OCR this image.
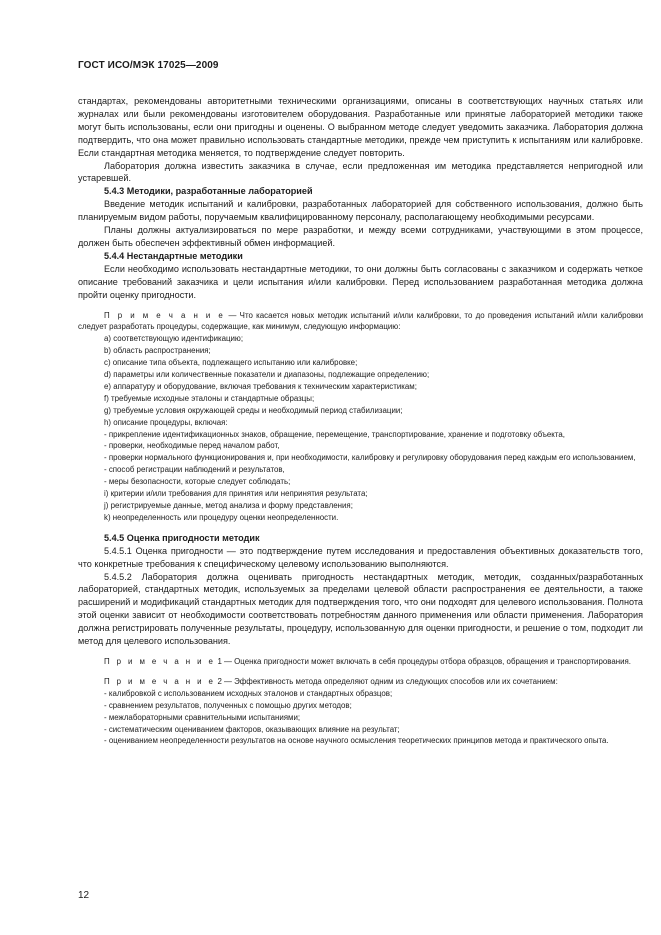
ГОСТ ИСО/МЭК 17025—2009

стандартах, рекомендованы авторитетными техническими организациями, описаны в соответствующих научных статьях или журналах или были рекомендованы изготовителем оборудования. Разработанные или принятые лабораторией методики также могут быть использованы, если они пригодны и оценены. О выбранном методе следует уведомить заказчика. Лаборатория должна подтвердить, что она может правильно использовать стандартные методики, прежде чем приступить к испытаниям или калибровке. Если стандартная методика меняется, то подтверждение следует повторить.

Лаборатория должна известить заказчика в случае, если предложенная им методика представляется непригодной или устаревшей.

5.4.3 Методики, разработанные лабораторией

Введение методик испытаний и калибровки, разработанных лабораторией для собственного использования, должно быть планируемым видом работы, поручаемым квалифицированному персоналу, располагающему необходимыми ресурсами.

Планы должны актуализироваться по мере разработки, и между всеми сотрудниками, участвующими в этом процессе, должен быть обеспечен эффективный обмен информацией.

5.4.4 Нестандартные методики

Если необходимо использовать нестандартные методики, то они должны быть согласованы с заказчиком и содержать четкое описание требований заказчика и цели испытания и/или калибровки. Перед использованием разработанная методика должна пройти оценку пригодности.

П р и м е ч а н и е — Что касается новых методик испытаний и/или калибровки, то до проведения испытаний и/или калибровки следует разработать процедуры, содержащие, как минимум, следующую информацию:

a) соответствующую идентификацию;

b) область распространения;

c) описание типа объекта, подлежащего испытанию или калибровке;

d) параметры или количественные показатели и диапазоны, подлежащие определению;

e) аппаратуру и оборудование, включая требования к техническим характеристикам;

f) требуемые исходные эталоны и стандартные образцы;

g) требуемые условия окружающей среды и необходимый период стабилизации;

h) описание процедуры, включая:

- прикрепление идентификационных знаков, обращение, перемещение, транспортирование, хранение и подготовку объекта,

- проверки, необходимые перед началом работ,

- проверки нормального функционирования и, при необходимости, калибровку и регулировку оборудования перед каждым его использованием,

- способ регистрации наблюдений и результатов,

- меры безопасности, которые следует соблюдать;

i) критерии и/или требования для принятия или непринятия результата;

j) регистрируемые данные, метод анализа и форму представления;

k) неопределенность или процедуру оценки неопределенности.

5.4.5 Оценка пригодности методик

5.4.5.1 Оценка пригодности — это подтверждение путем исследования и предоставления объективных доказательств того, что конкретные требования к специфическому целевому использованию выполняются.

5.4.5.2 Лаборатория должна оценивать пригодность нестандартных методик, методик, созданных/разработанных лабораторией, стандартных методик, используемых за пределами целевой области распространения ее деятельности, а также расширений и модификаций стандартных методик для подтверждения того, что они подходят для целевого использования. Полнота этой оценки зависит от необходимости соответствовать потребностям данного применения или области применения. Лаборатория должна регистрировать полученные результаты, процедуру, использованную для оценки пригодности, и решение о том, подходит ли метод для целевого использования.

П р и м е ч а н и е 1 — Оценка пригодности может включать в себя процедуры отбора образцов, обращения и транспортирования.

П р и м е ч а н и е 2 — Эффективность метода определяют одним из следующих способов или их сочетанием:

- калибровкой с использованием исходных эталонов и стандартных образцов;

- сравнением результатов, полученных с помощью других методов;

- межлабораторными сравнительными испытаниями;

- систематическим оцениванием факторов, оказывающих влияние на результат;

- оцениванием неопределенности результатов на основе научного осмысления теоретических принципов метода и практического опыта.

12
